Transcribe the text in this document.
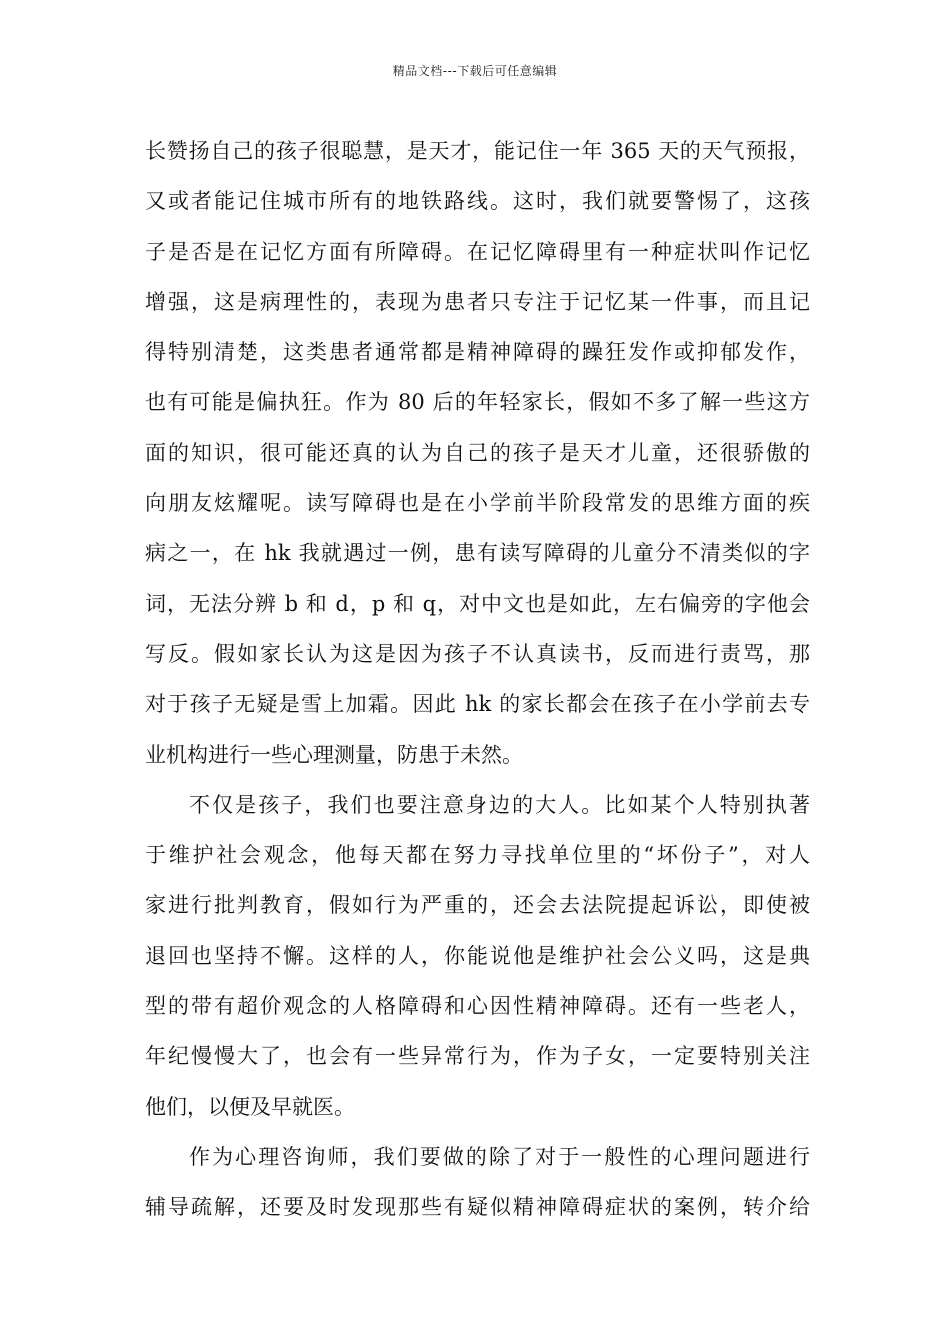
精品文档---下载后可任意编辑
长赞扬自己的孩子很聪慧，是天才，能记住一年 365 天的天气预报，
又或者能记住城市所有的地铁路线。这时，我们就要警惕了，这孩
子是否是在记忆方面有所障碍。在记忆障碍里有一种症状叫作记忆
增强，这是病理性的，表现为患者只专注于记忆某一件事，而且记
得特别清楚，这类患者通常都是精神障碍的躁狂发作或抑郁发作，
也有可能是偏执狂。作为 80 后的年轻家长，假如不多了解一些这方
面的知识，很可能还真的认为自己的孩子是天才儿童，还很骄傲的
向朋友炫耀呢。读写障碍也是在小学前半阶段常发的思维方面的疾
病之一，在 hk 我就遇过一例，患有读写障碍的儿童分不清类似的字
词，无法分辨 b 和 d，p 和 q，对中文也是如此，左右偏旁的字他会
写反。假如家长认为这是因为孩子不认真读书，反而进行责骂，那
对于孩子无疑是雪上加霜。因此 hk 的家长都会在孩子在小学前去专
业机构进行一些心理测量，防患于未然。
不仅是孩子，我们也要注意身边的大人。比如某个人特别执著
于维护社会观念，他每天都在努力寻找单位里的“坏份子”，对人
家进行批判教育，假如行为严重的，还会去法院提起诉讼，即使被
退回也坚持不懈。这样的人，你能说他是维护社会公义吗，这是典
型的带有超价观念的人格障碍和心因性精神障碍。还有一些老人，
年纪慢慢大了，也会有一些异常行为，作为子女，一定要特别关注
他们，以便及早就医。
作为心理咨询师，我们要做的除了对于一般性的心理问题进行
辅导疏解，还要及时发现那些有疑似精神障碍症状的案例，转介给
